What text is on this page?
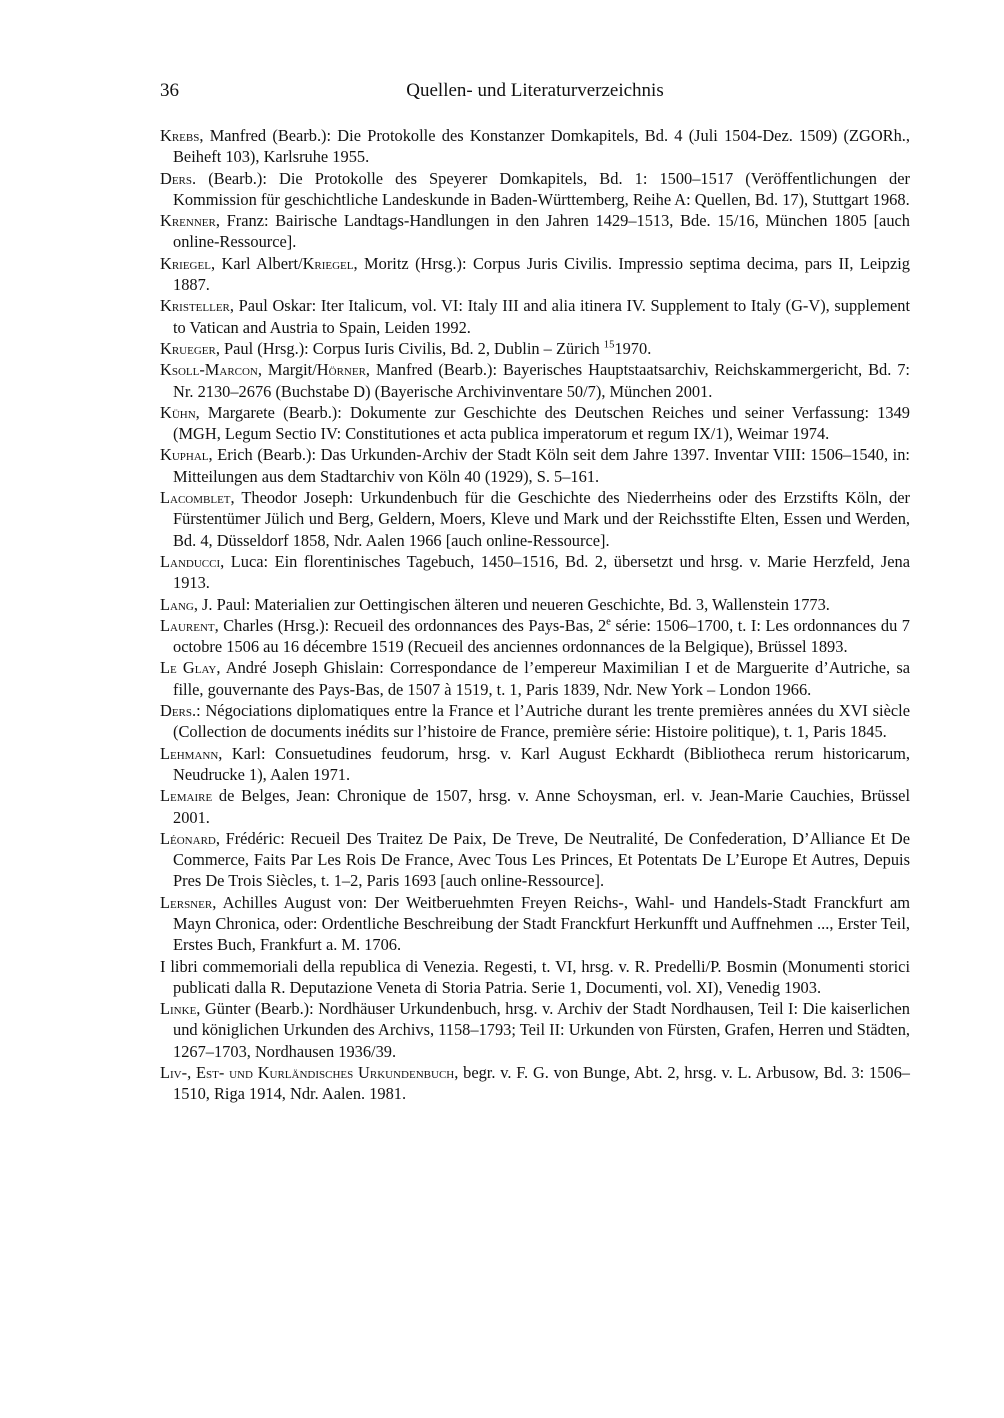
36	Quellen- und Literaturverzeichnis
Krebs, Manfred (Bearb.): Die Protokolle des Konstanzer Domkapitels, Bd. 4 (Juli 1504-Dez. 1509) (ZGORh., Beiheft 103), Karlsruhe 1955.
Ders. (Bearb.): Die Protokolle des Speyerer Domkapitels, Bd. 1: 1500–1517 (Veröffentlichungen der Kommission für geschichtliche Landeskunde in Baden-Württemberg, Reihe A: Quellen, Bd. 17), Stuttgart 1968.
Krenner, Franz: Bairische Landtags-Handlungen in den Jahren 1429–1513, Bde. 15/16, München 1805 [auch online-Ressource].
Kriegel, Karl Albert/Kriegel, Moritz (Hrsg.): Corpus Juris Civilis. Impressio septima decima, pars II, Leipzig 1887.
Kristeller, Paul Oskar: Iter Italicum, vol. VI: Italy III and alia itinera IV. Supplement to Italy (G-V), supplement to Vatican and Austria to Spain, Leiden 1992.
Krueger, Paul (Hrsg.): Corpus Iuris Civilis, Bd. 2, Dublin – Zürich $^{15}$1970.
Ksoll-Marcon, Margit/Hörner, Manfred (Bearb.): Bayerisches Hauptstaatsarchiv, Reichskammergericht, Bd. 7: Nr. 2130–2676 (Buchstabe D) (Bayerische Archivinventare 50/7), München 2001.
Kühn, Margarete (Bearb.): Dokumente zur Geschichte des Deutschen Reiches und seiner Verfassung: 1349 (MGH, Legum Sectio IV: Constitutiones et acta publica imperatorum et regum IX/1), Weimar 1974.
Kuphal, Erich (Bearb.): Das Urkunden-Archiv der Stadt Köln seit dem Jahre 1397. Inventar VIII: 1506–1540, in: Mitteilungen aus dem Stadtarchiv von Köln 40 (1929), S. 5–161.
Lacomblet, Theodor Joseph: Urkundenbuch für die Geschichte des Niederrheins oder des Erzstifts Köln, der Fürstentümer Jülich und Berg, Geldern, Moers, Kleve und Mark und der Reichsstifte Elten, Essen und Werden, Bd. 4, Düsseldorf 1858, Ndr. Aalen 1966 [auch online-Ressource].
Landucci, Luca: Ein florentinisches Tagebuch, 1450–1516, Bd. 2, übersetzt und hrsg. v. Marie Herzfeld, Jena 1913.
Lang, J. Paul: Materialien zur Oettingischen älteren und neueren Geschichte, Bd. 3, Wallenstein 1773.
Laurent, Charles (Hrsg.): Recueil des ordonnances des Pays-Bas, 2e série: 1506–1700, t. I: Les ordonnances du 7 octobre 1506 au 16 décembre 1519 (Recueil des anciennes ordonnances de la Belgique), Brüssel 1893.
Le Glay, André Joseph Ghislain: Correspondance de l’empereur Maximilian I et de Marguerite d’Autriche, sa fille, gouvernante des Pays-Bas, de 1507 à 1519, t. 1, Paris 1839, Ndr. New York – London 1966.
Ders.: Négociations diplomatiques entre la France et l’Autriche durant les trente premières années du XVI siècle (Collection de documents inédits sur l’histoire de France, première série: Histoire politique), t. 1, Paris 1845.
Lehmann, Karl: Consuetudines feudorum, hrsg. v. Karl August Eckhardt (Bibliotheca rerum historicarum, Neudrucke 1), Aalen 1971.
Lemaire de Belges, Jean: Chronique de 1507, hrsg. v. Anne Schoysman, erl. v. Jean-Marie Cauchies, Brüssel 2001.
Léonard, Frédéric: Recueil Des Traitez De Paix, De Treve, De Neutralité, De Confederation, D’Alliance Et De Commerce, Faits Par Les Rois De France, Avec Tous Les Princes, Et Potentats De L’Europe Et Autres, Depuis Pres De Trois Siècles, t. 1–2, Paris 1693 [auch online-Ressource].
Lersner, Achilles August von: Der Weitberuehmten Freyen Reichs-, Wahl- und Handels-Stadt Franckfurt am Mayn Chronica, oder: Ordentliche Beschreibung der Stadt Franckfurt Herkunfft und Auffnehmen ..., Erster Teil, Erstes Buch, Frankfurt a. M. 1706.
I libri commemoriali della republica di Venezia. Regesti, t. VI, hrsg. v. R. Predelli/P. Bosmin (Monumenti storici publicati dalla R. Deputazione Veneta di Storia Patria. Serie 1, Documenti, vol. XI), Venedig 1903.
Linke, Günter (Bearb.): Nordhäuser Urkundenbuch, hrsg. v. Archiv der Stadt Nordhausen, Teil I: Die kaiserlichen und königlichen Urkunden des Archivs, 1158–1793; Teil II: Urkunden von Fürsten, Grafen, Herren und Städten, 1267–1703, Nordhausen 1936/39.
Liv-, Est- und Kurländisches Urkundenbuch, begr. v. F. G. von Bunge, Abt. 2, hrsg. v. L. Arbusow, Bd. 3: 1506–1510, Riga 1914, Ndr. Aalen. 1981.
